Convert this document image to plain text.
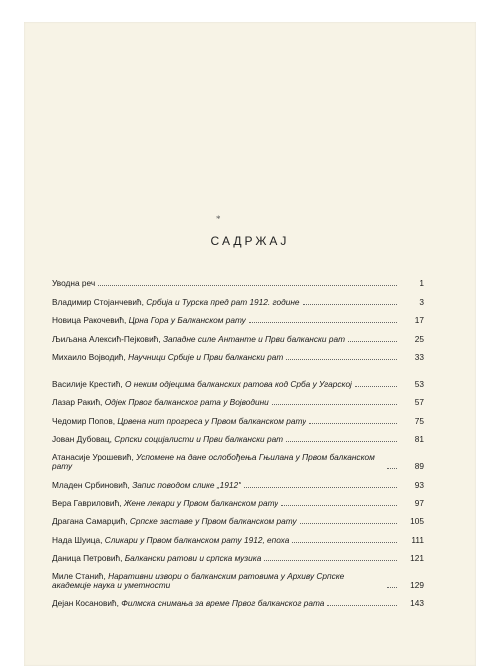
*
САДРЖАЈ
Уводна реч	1
Владимир Стојанчевић, Србија и Турска пред рат 1912. године	3
Новица Ракочевић, Црна Гора у Балканском рату	17
Љиљана Алексић-Пејковић, Западне силе Антанте и Први балкански рат	25
Михаило Војводић, Научници Србије и Први балкански рат	33
Василије Крестић, О неким одјецима балканских ратова код Срба у Угарској	53
Лазар Ракић, Одјек Првог балканског рата у Војводини	57
Чедомир Попов, Црвена нит прогреса у Првом балканском рату	75
Јован Дубовац, Српски социјалисти и Први балкански рат	81
Атанасије Урошевић, Успомене на дане ослобођења Гњилана у Првом балканском рату	89
Младен Србиновић, Запис поводом слике „1912"	93
Вера Гавриловић, Жене лекари у Првом балканском рату	97
Драгана Самарџић, Српске заставе у Првом балканском рату	105
Нада Шуица, Сликари у Првом балканском рату 1912, епоха	111
Даница Петровић, Балкански ратови и српска музика	121
Миле Станић, Наративни извори о балканским ратовима у Архиву Српске академије наука и уметности	129
Дејан Косановић, Филмска снимања за време Првог балканског рата	143
